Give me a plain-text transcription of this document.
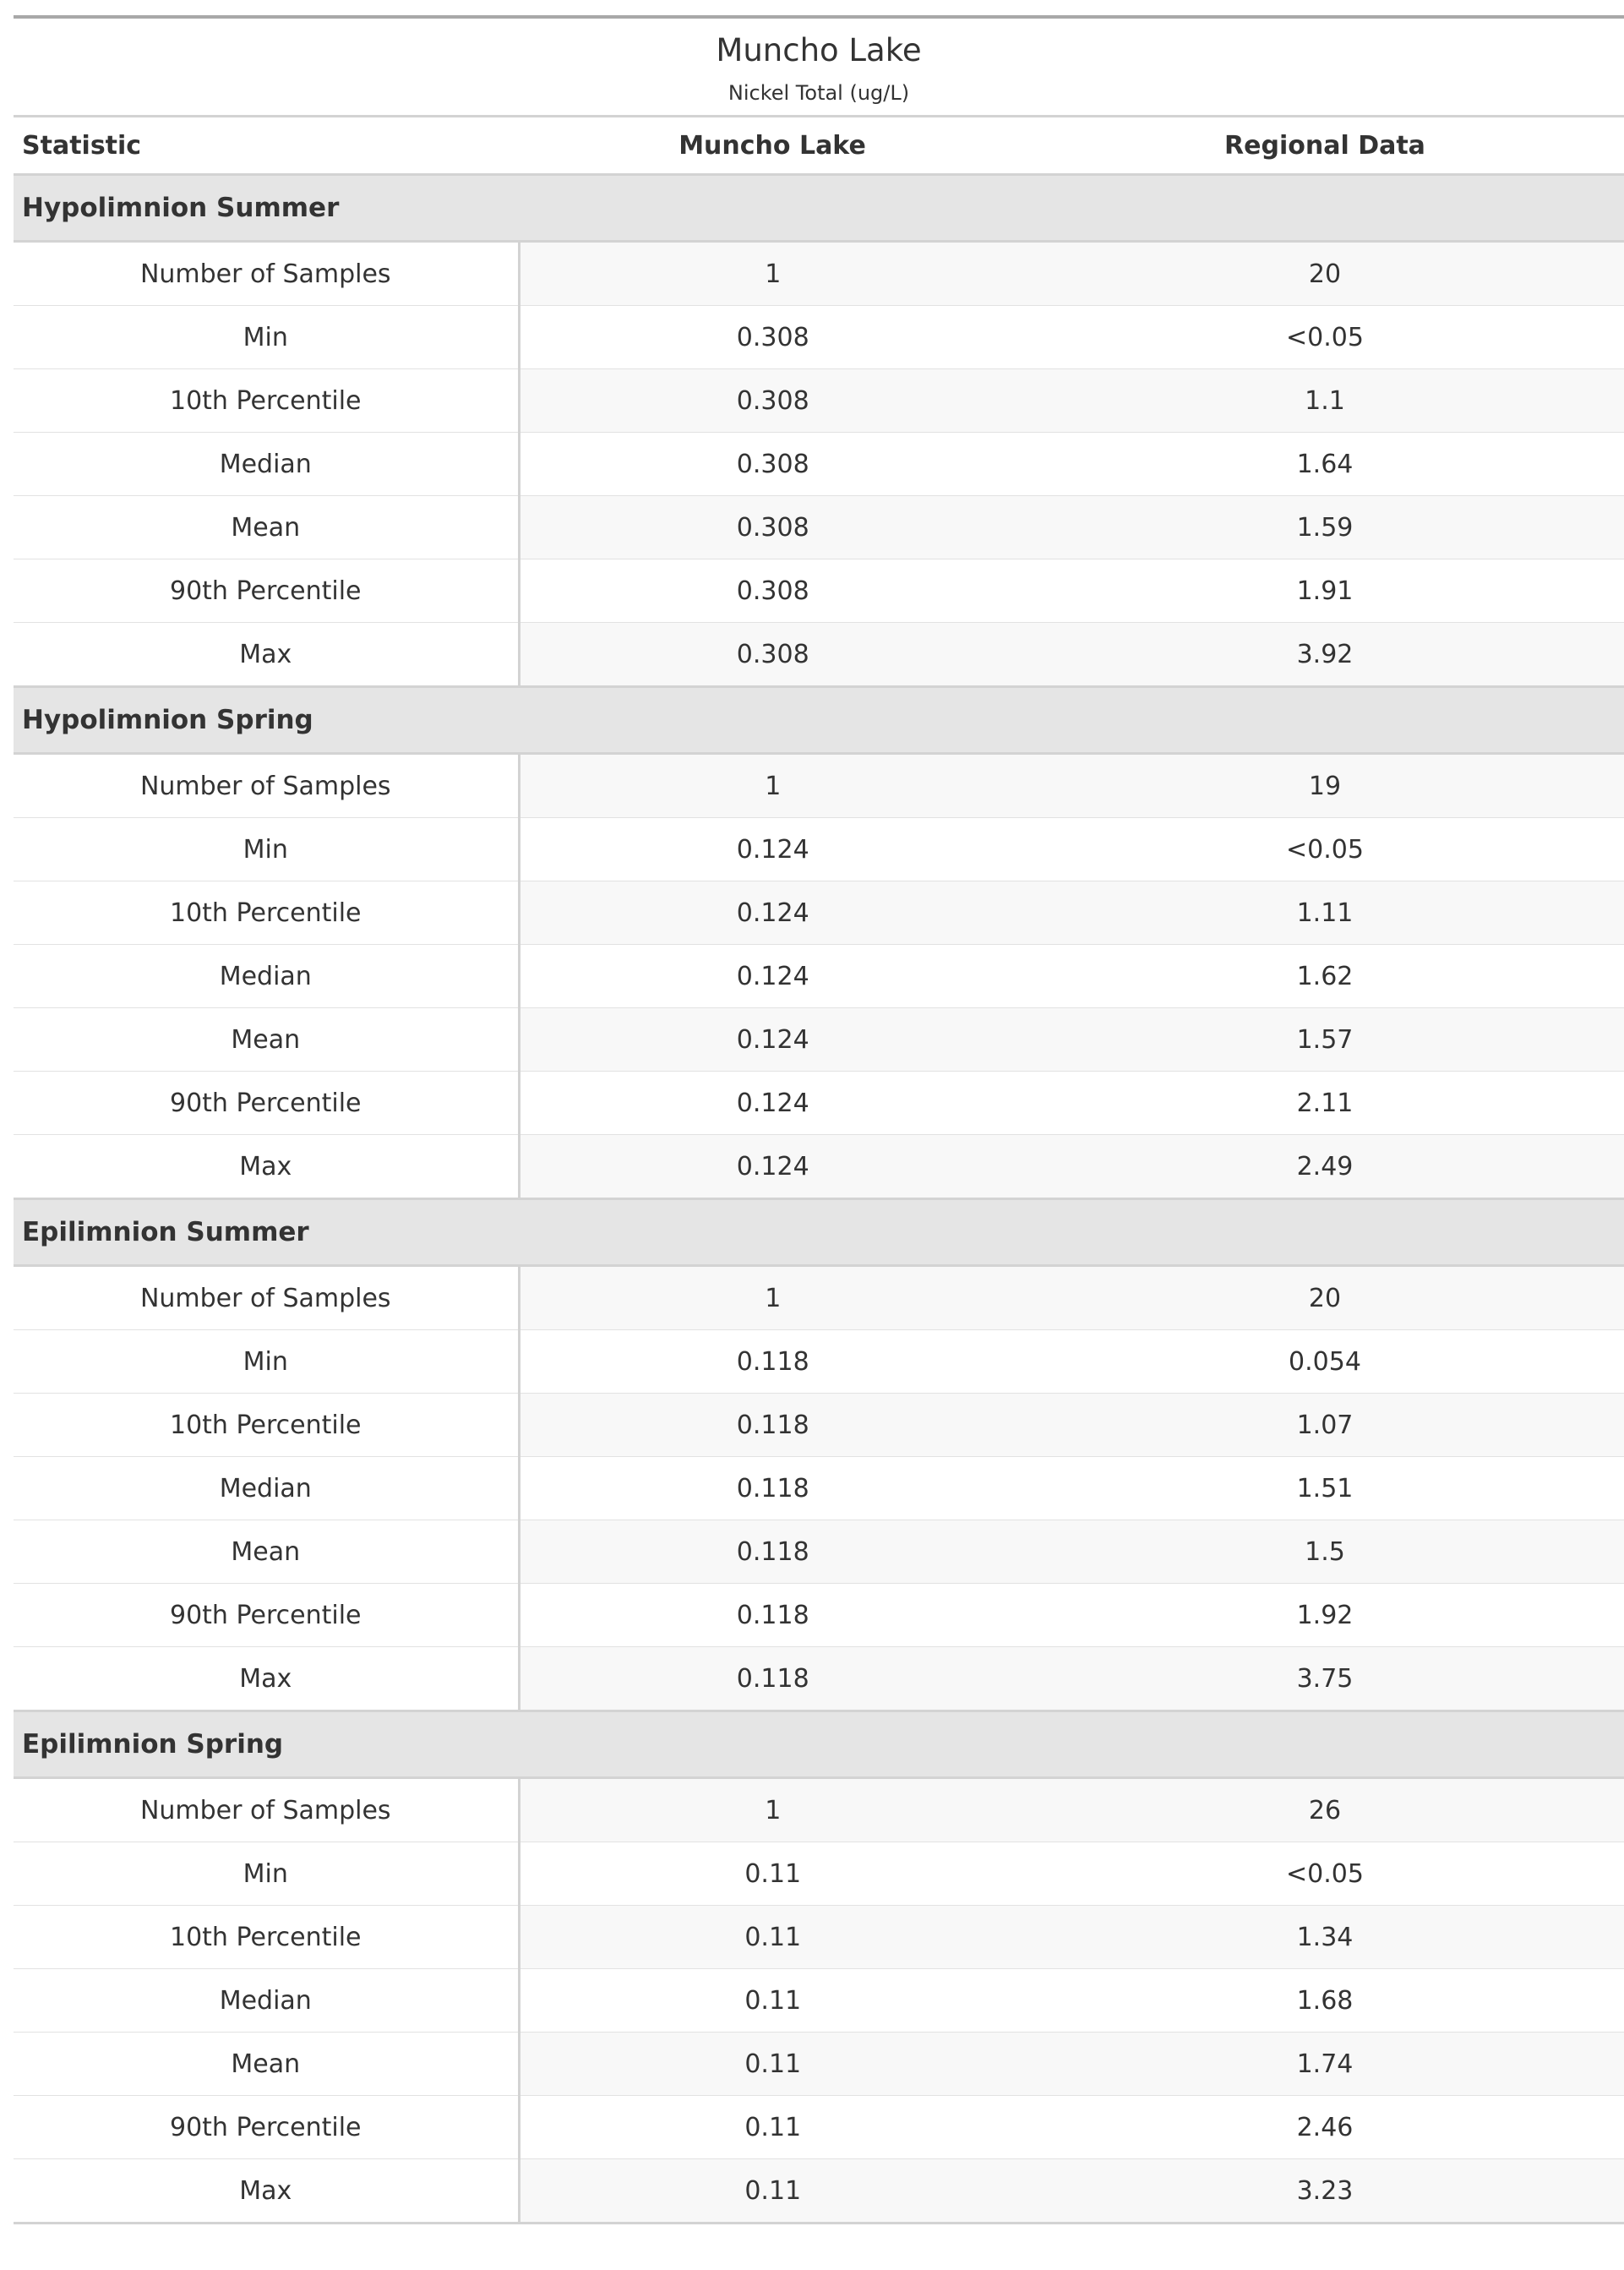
Muncho Lake
Nickel Total (ug/L)		

Statistic	Muncho Lake	Regional Data
Hypolimnion Summer		
Number of Samples	1	20
Min	0.308	<0.05
10th Percentile	0.308	1.1
Median	0.308	1.64
Mean	0.308	1.59
90th Percentile	0.308	1.91
Max	0.308	3.92
Hypolimnion Spring		
Number of Samples	1	19
Min	0.124	<0.05
10th Percentile	0.124	1.11
Median	0.124	1.62
Mean	0.124	1.57
90th Percentile	0.124	2.11
Max	0.124	2.49
Epilimnion Summer		
Number of Samples	1	20
Min	0.118	0.054
10th Percentile	0.118	1.07
Median	0.118	1.51
Mean	0.118	1.5
90th Percentile	0.118	1.92
Max	0.118	3.75
Epilimnion Spring		
Number of Samples	1	26
Min	0.11	<0.05
10th Percentile	0.11	1.34
Median	0.11	1.68
Mean	0.11	1.74
90th Percentile	0.11	2.46
Max	0.11	3.23
